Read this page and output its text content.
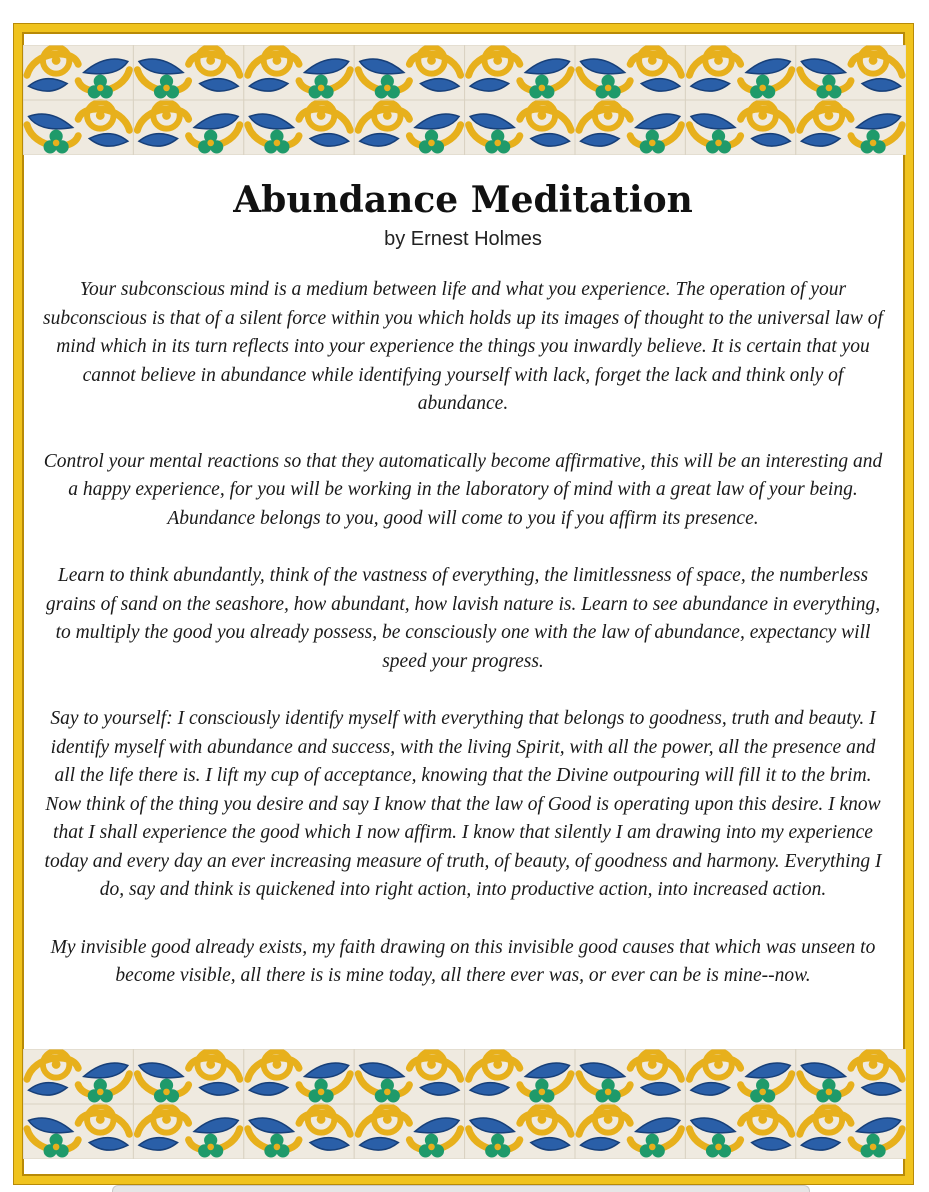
Abundance Meditation
by Ernest Holmes

Your subconscious mind is a medium between life and what you experience. The operation of your subconscious is that of a silent force within you which holds up its images of thought to the universal law of mind which in its turn reflects into your experience the things you inwardly believe. It is certain that you cannot believe in abundance while identifying yourself with lack, forget the lack and think only of abundance.

Control your mental reactions so that they automatically become affirmative, this will be an interesting and a happy experience, for you will be working in the laboratory of mind with a great law of your being. Abundance belongs to you, good will come to you if you affirm its presence.

Learn to think abundantly, think of the vastness of everything, the limitlessness of space, the numberless grains of sand on the seashore, how abundant, how lavish nature is. Learn to see abundance in everything, to multiply the good you already possess, be consciously one with the law of abundance, expectancy will speed your progress.

Say to yourself: I consciously identify myself with everything that belongs to goodness, truth and beauty. I identify myself with abundance and success, with the living Spirit, with all the power, all the presence and all the life there is. I lift my cup of acceptance, knowing that the Divine outpouring will fill it to the brim. Now think of the thing you desire and say I know that the law of Good is operating upon this desire. I know that I shall experience the good which I now affirm. I know that silently I am drawing into my experience today and every day an ever increasing measure of truth, of beauty, of goodness and harmony. Everything I do, say and think is quickened into right action, into productive action, into increased action.

My invisible good already exists, my faith drawing on this invisible good causes that which was unseen to become visible, all there is is mine today, all there ever was, or ever can be is mine--now.
